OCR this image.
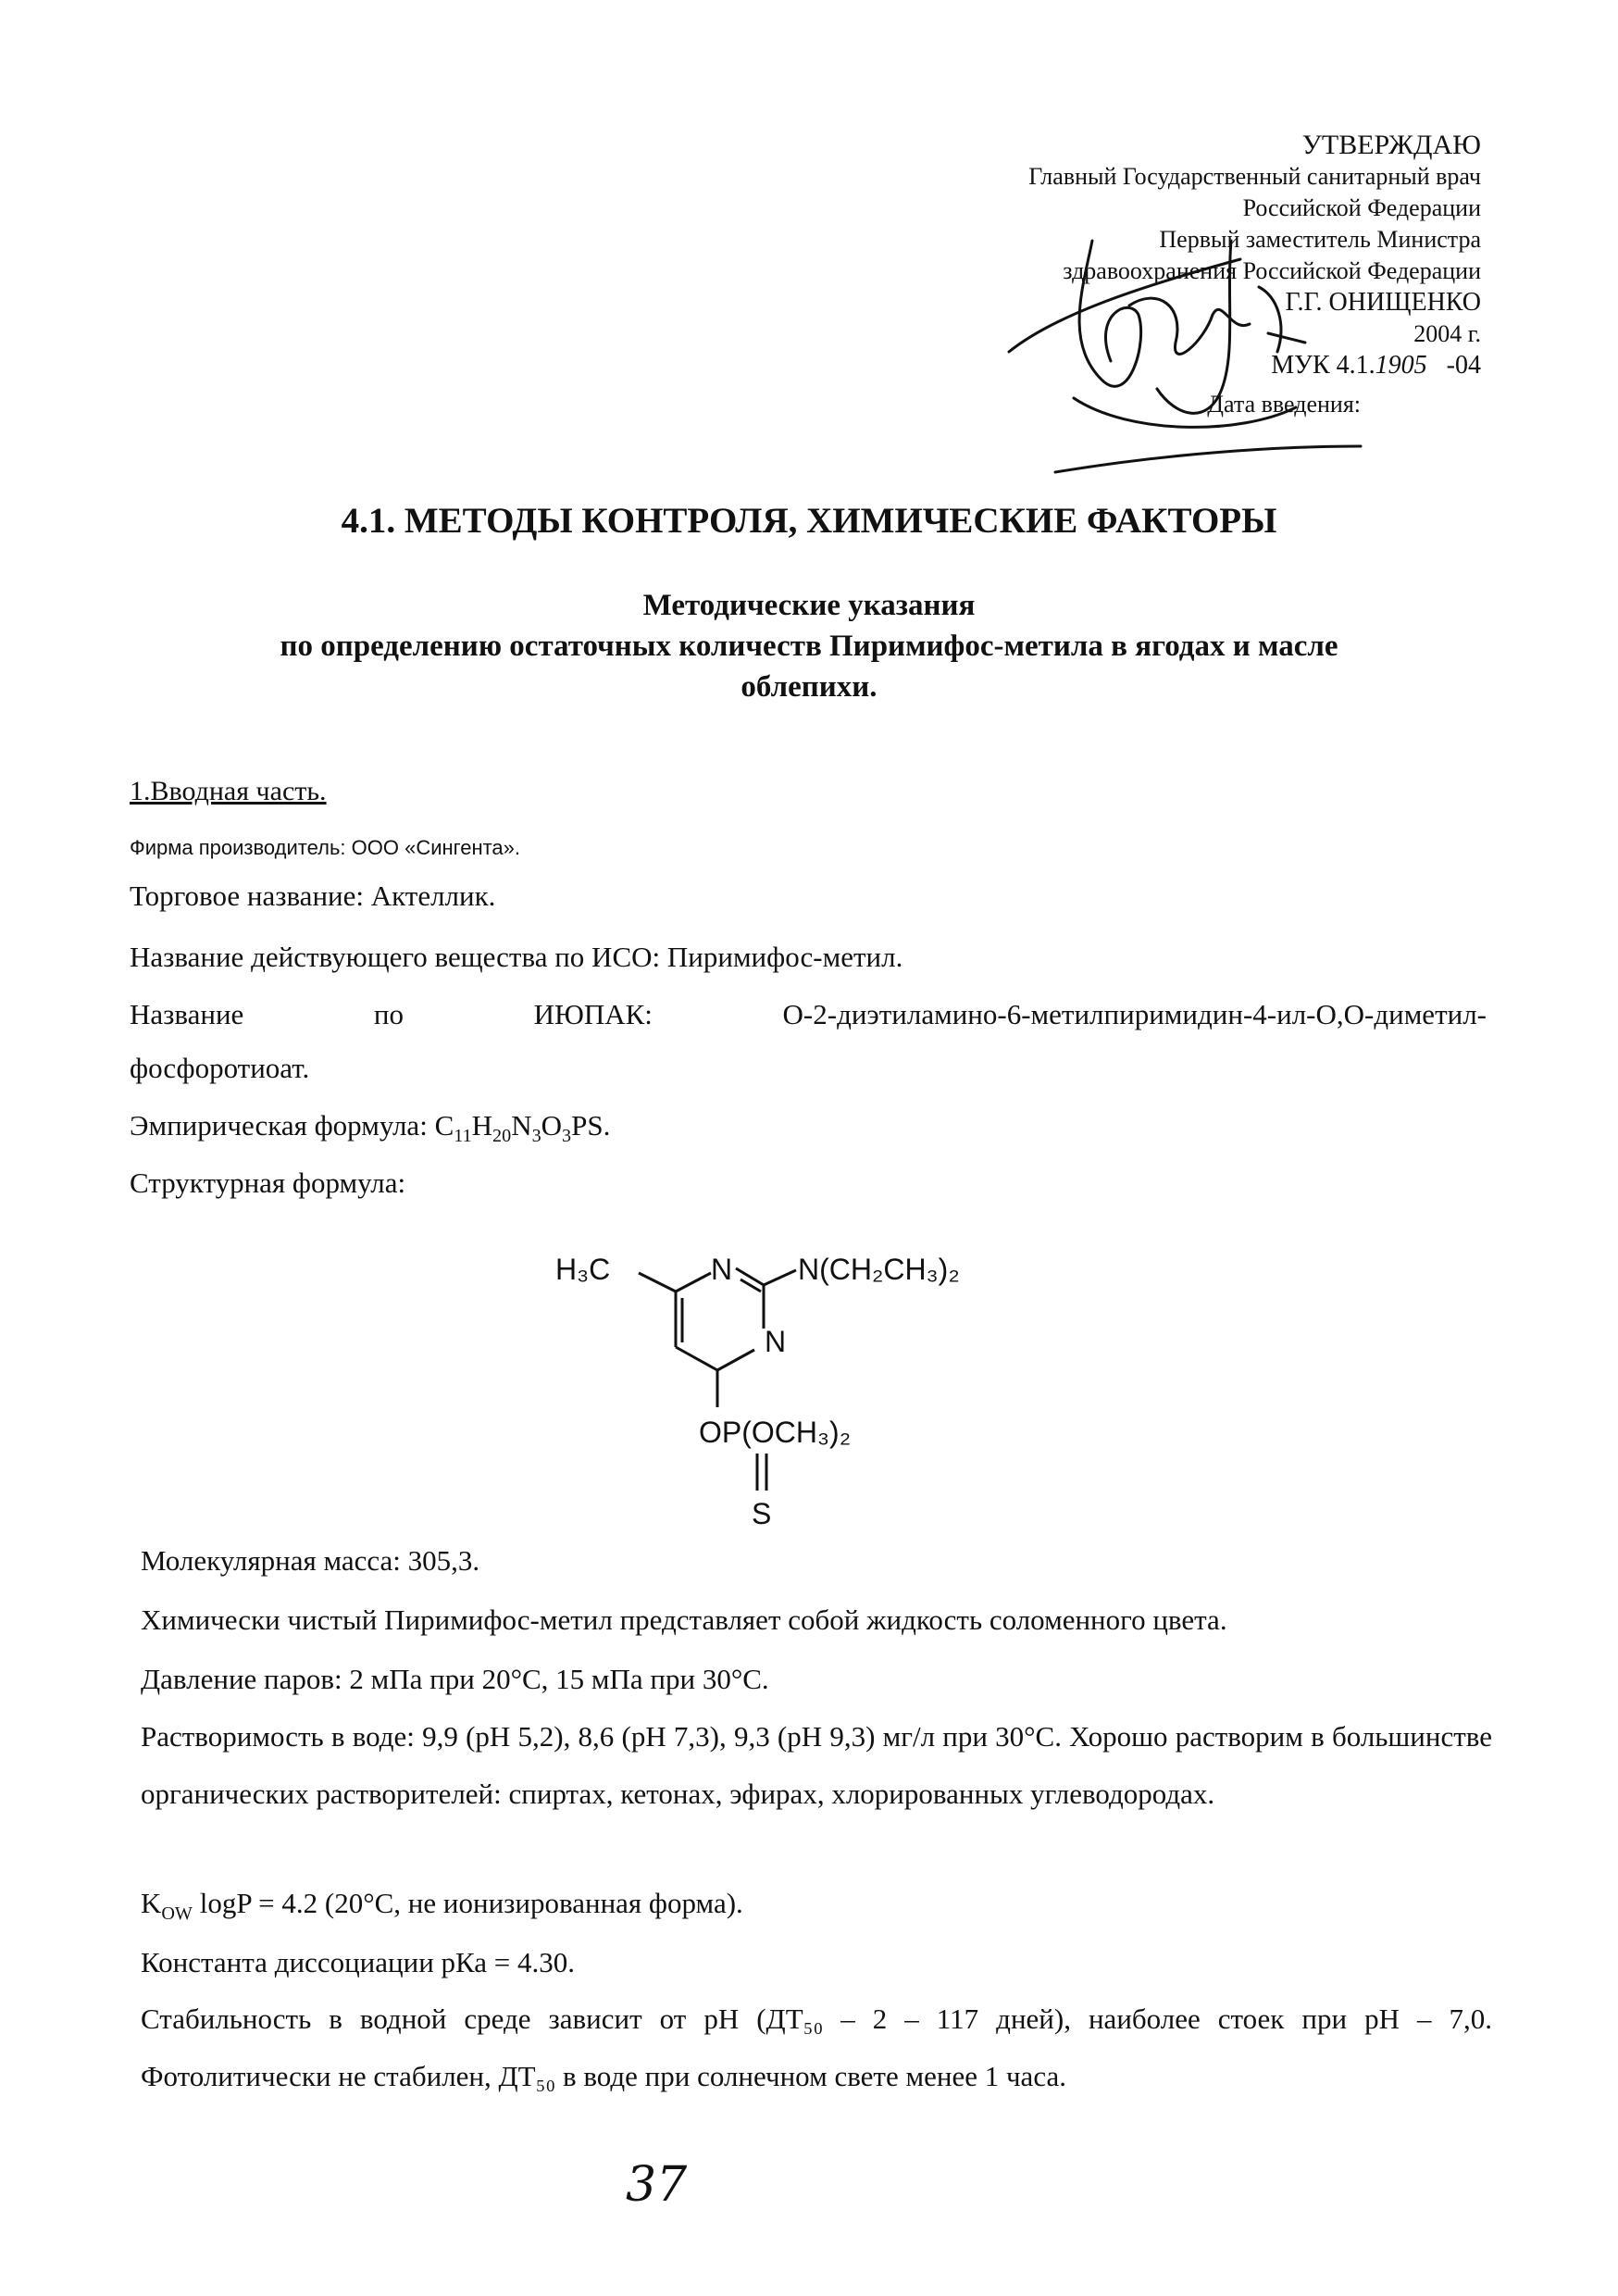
УТВЕРЖДАЮ
Главный Государственный санитарный врач
Российской Федерации
Первый заместитель Министра
здравоохранения Российской Федерации
Г.Г. ОНИЩЕНКО
2004 г.
МУК 4.1.1905 -04
Дата введения:
4.1. МЕТОДЫ КОНТРОЛЯ, ХИМИЧЕСКИЕ ФАКТОРЫ
Методические указания
по определению остаточных количеств Пиримифос-метила в ягодах и масле
облепихи.
1.Вводная часть.
Фирма производитель: ООО «Сингента».
Торговое название: Актеллик.
Название действующего вещества по ИСО: Пиримифос-метил.
Название	по	ИЮПАК:	О-2-диэтиламино-6-метилпиримидин-4-ил-О,О-диметил-
фосфоротиоат.
Эмпирическая формула: $C_{11}H_{20}N_3O_3PS$.
Структурная формула:
H₃C	N N(CH₂CH₃)₂
N
OP(OCH₃)₂
S
Молекулярная масса: 305,3.
Химически чистый Пиримифос-метил представляет собой жидкость соломенного цвета.
Давление паров: 2 мПа при 20°С, 15 мПа при 30°С.
Растворимость в воде: 9,9 (рН 5,2), 8,6 (рН 7,3), 9,3 (рН 9,3) мг/л при 30°С. Хорошо растворим в большинстве органических растворителей: спиртах, кетонах, эфирах, хлорированных углеводородах.
$K_{OW}$ logP = 4.2 (20°С, не ионизированная форма).
Константа диссоциации рКа = 4.30.
Стабильность в водной среде зависит от рН (ДТ₅₀ – 2 – 117 дней), наиболее стоек при рН – 7,0. Фотолитически не стабилен, ДТ₅₀ в воде при солнечном свете менее 1 часа.
37
